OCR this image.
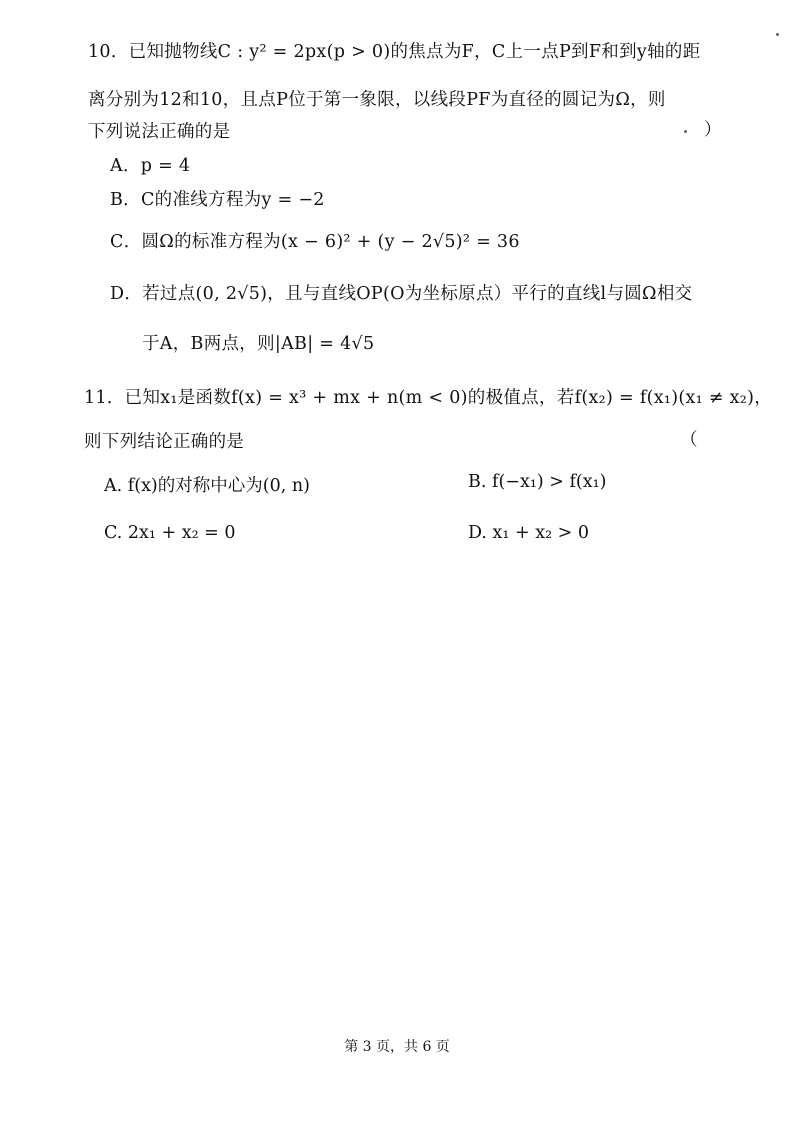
10．已知抛物线C : y² = 2px(p > 0)的焦点为F，C上一点P到F和到y轴的距
离分别为12和10，且点P位于第一象限，以线段PF为直径的圆记为Ω，则
下列说法正确的是	）
A．p = 4
B．C的准线方程为y = −2
C．圆Ω的标准方程为(x − 6)² + (y − 2√5)² = 36
D．若过点(0, 2√5)，且与直线OP(O为坐标原点）平行的直线l与圆Ω相交
于A，B两点，则|AB| = 4√5
11．已知x₁是函数f(x) = x³ + mx + n(m < 0)的极值点，若f(x₂) = f(x₁)(x₁ ≠ x₂)，
则下列结论正确的是	（
A. f(x)的对称中心为(0, n)	B. f(−x₁) > f(x₁)
C. 2x₁ + x₂ = 0	D. x₁ + x₂ > 0
第 3 页，共 6 页
